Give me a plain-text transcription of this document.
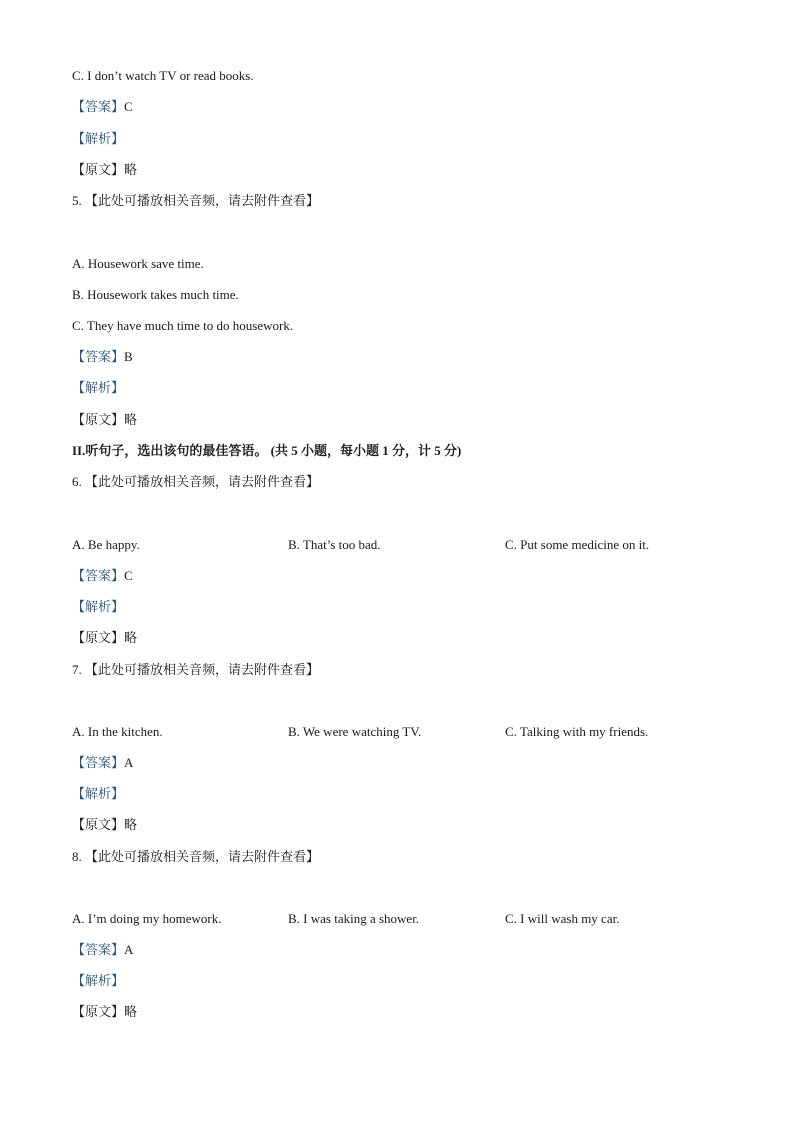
C. I don’t watch TV or read books.
【答案】C
【解析】
【原文】略
5. 【此处可播放相关音频，请去附件查看】
A. Housework save time.
B. Housework takes much time.
C. They have much time to do housework.
【答案】B
【解析】
【原文】略
II.听句子，选出该句的最佳答语。 (共 5 小题，每小题 1 分，计 5 分)
6. 【此处可播放相关音频，请去附件查看】
A. Be happy.	B. That’s too bad.	C. Put some medicine on it.
【答案】C
【解析】
【原文】略
7. 【此处可播放相关音频，请去附件查看】
A. In the kitchen.	B. We were watching TV.	C. Talking with my friends.
【答案】A
【解析】
【原文】略
8. 【此处可播放相关音频，请去附件查看】
A. I’m doing my homework.	B. I was taking a shower.	C. I will wash my car.
【答案】A
【解析】
【原文】略
